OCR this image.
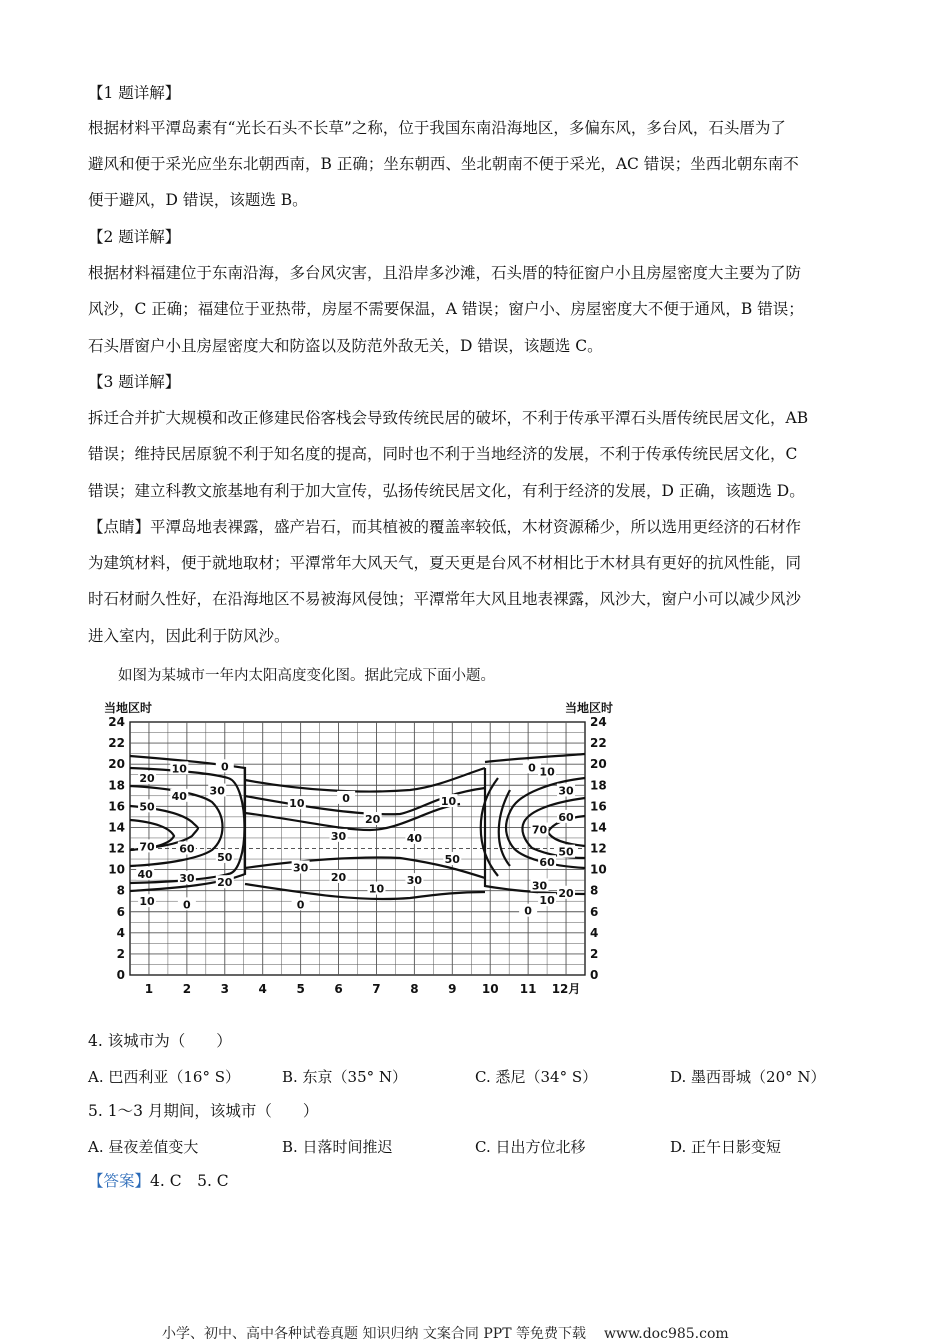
【1 题详解】
根据材料平潭岛素有“光长石头不长草”之称，位于我国东南沿海地区，多偏东风，多台风，石头厝为了
避风和便于采光应坐东北朝西南，B 正确；坐东朝西、坐北朝南不便于采光，AC 错误；坐西北朝东南不
便于避风，D 错误，该题选 B。
【2 题详解】
根据材料福建位于东南沿海，多台风灾害，且沿岸多沙滩，石头厝的特征窗户小且房屋密度大主要为了防
风沙，C 正确；福建位于亚热带，房屋不需要保温，A 错误；窗户小、房屋密度大不便于通风，B 错误；
石头厝窗户小且房屋密度大和防盗以及防范外敌无关，D 错误，该题选 C。
【3 题详解】
拆迁合并扩大规模和改正修建民俗客栈会导致传统民居的破坏，不利于传承平潭石头厝传统民居文化，AB
错误；维持民居原貌不利于知名度的提高，同时也不利于当地经济的发展，不利于传承传统民居文化，C
错误；建立科教文旅基地有利于加大宣传，弘扬传统民居文化，有利于经济的发展，D 正确，该题选 D。
【点睛】平潭岛地表裸露，盛产岩石，而其植被的覆盖率较低，木材资源稀少，所以选用更经济的石材作
为建筑材料，便于就地取材；平潭常年大风天气，夏天更是台风不材相比于木材具有更好的抗风性能，同
时石材耐久性好，在沿海地区不易被海风侵蚀；平潭常年大风且地表裸露，风沙大，窗户小可以减少风沙
进入室内，因此利于防风沙。
如图为某城市一年内太阳高度变化图。据此完成下面小题。
0
10
20
30
40
50
70 60
50
40 30 20
10	0
10	0
20
30
10
40
50
30
20
10
0
30
0 10
30
60
70
50
60
30
20
10
0
0	0
2	2
4	4
6	6
8	8
10	10
12	12
14	14
16	16
18	18
20	20
22	22
24	24
1 2 3 4 5 6 7 8 9 10 11 12月
当地区时	当地区时
4. 该城市为（　　）
A. 巴西利亚（16° S）	B. 东京（35° N）	C. 悉尼（34° S）	D. 墨西哥城（20° N）
5. 1～3 月期间，该城市（　　）
A. 昼夜差值变大	B. 日落时间推迟	C. 日出方位北移	D. 正午日影变短
【答案】4. C　5. C
小学、初中、高中各种试卷真题 知识归纳 文案合同 PPT 等免费下载 www.doc985.com
